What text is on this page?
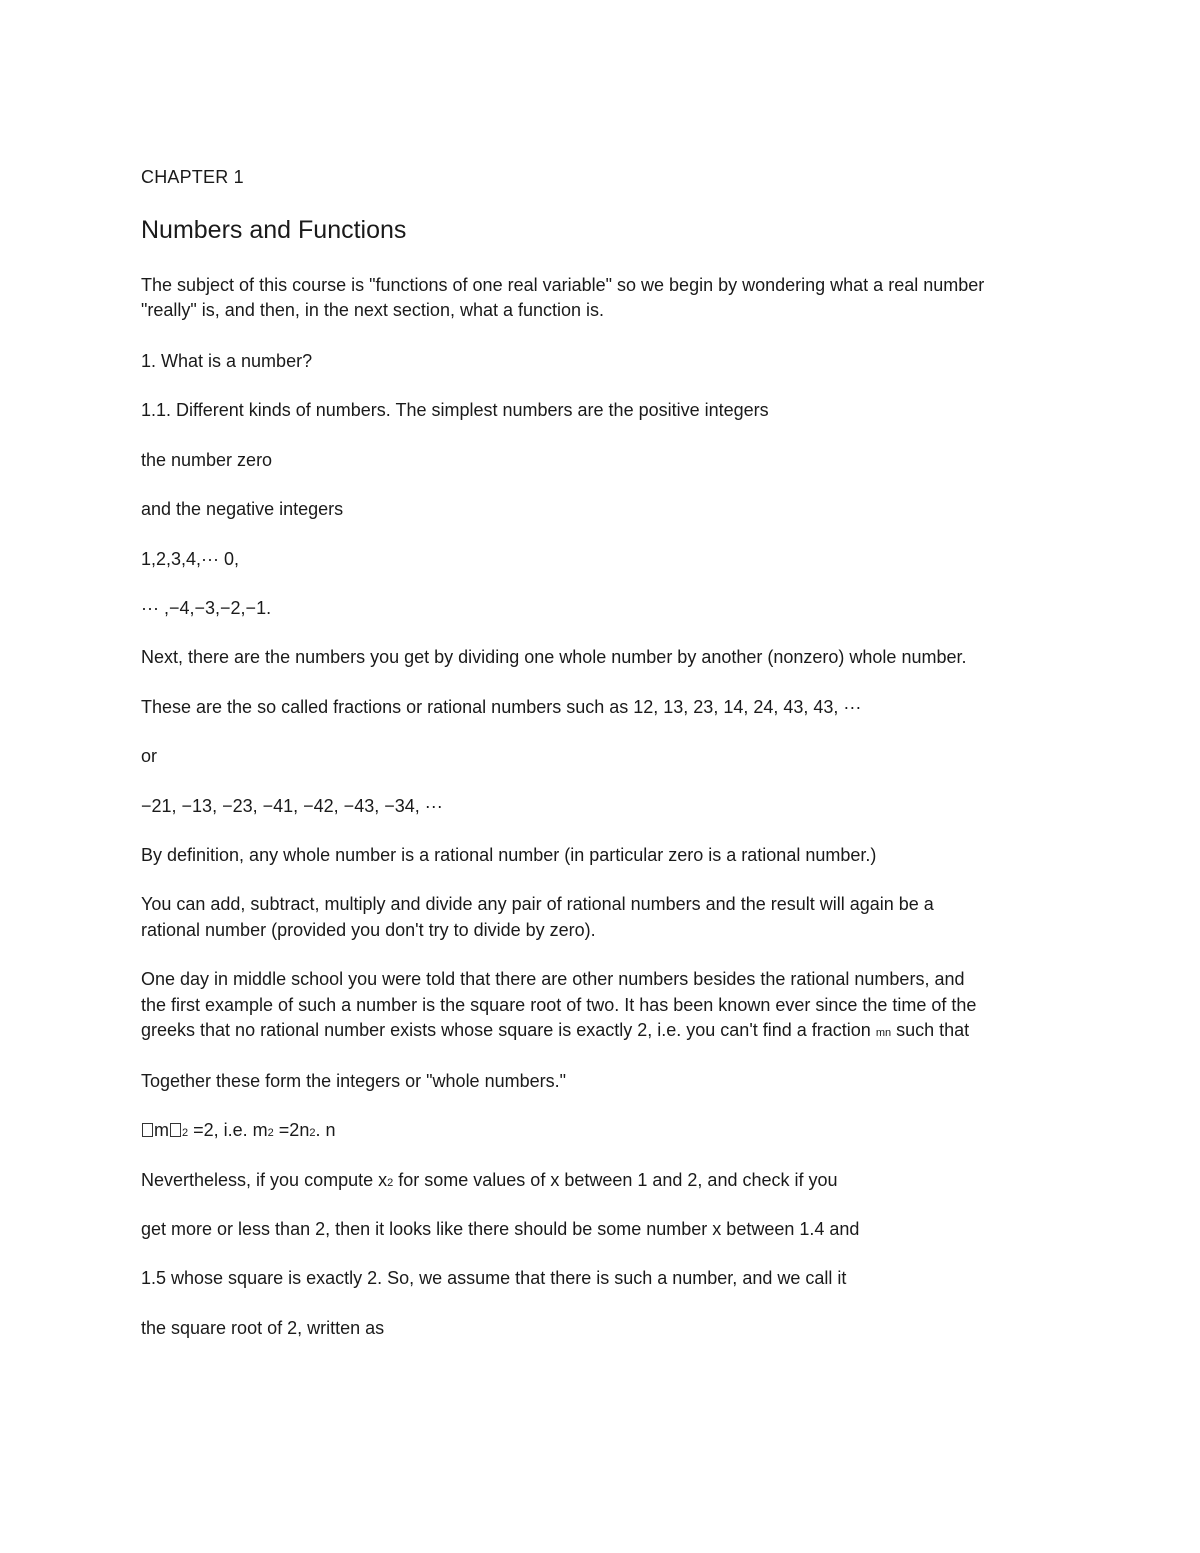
CHAPTER 1

Numbers and Functions

The subject of this course is "functions of one real variable" so we begin by wondering what a real number

"really" is, and then, in the next section, what a function is.

1. What is a number?

1.1. Different kinds of numbers. The simplest numbers are the positive integers

the number zero

and the negative integers

1,2,3,4,··· 0,

··· ,−4,−3,−2,−1.

Next, there are the numbers you get by dividing one whole number by another (nonzero) whole number.

These are the so called fractions or rational numbers such as 12, 13, 23, 14, 24, 43, 43, ···

or

−21, −13, −23, −41, −42, −43, −34, ···

By definition, any whole number is a rational number (in particular zero is a rational number.)

You can add, subtract, multiply and divide any pair of rational numbers and the result will again be a

rational number (provided you don't try to divide by zero).

One day in middle school you were told that there are other numbers besides the rational numbers, and

the first example of such a number is the square root of two. It has been known ever since the time of the

greeks that no rational number exists whose square is exactly 2, i.e. you can't find a fraction mn such that

Together these form the integers or "whole numbers."

m 2 =2, i.e. m2 =2n2. n

Nevertheless, if you compute x2 for some values of x between 1 and 2, and check if you

get more or less than 2, then it looks like there should be some number x between 1.4 and

1.5 whose square is exactly 2. So, we assume that there is such a number, and we call it

the square root of 2, written as
